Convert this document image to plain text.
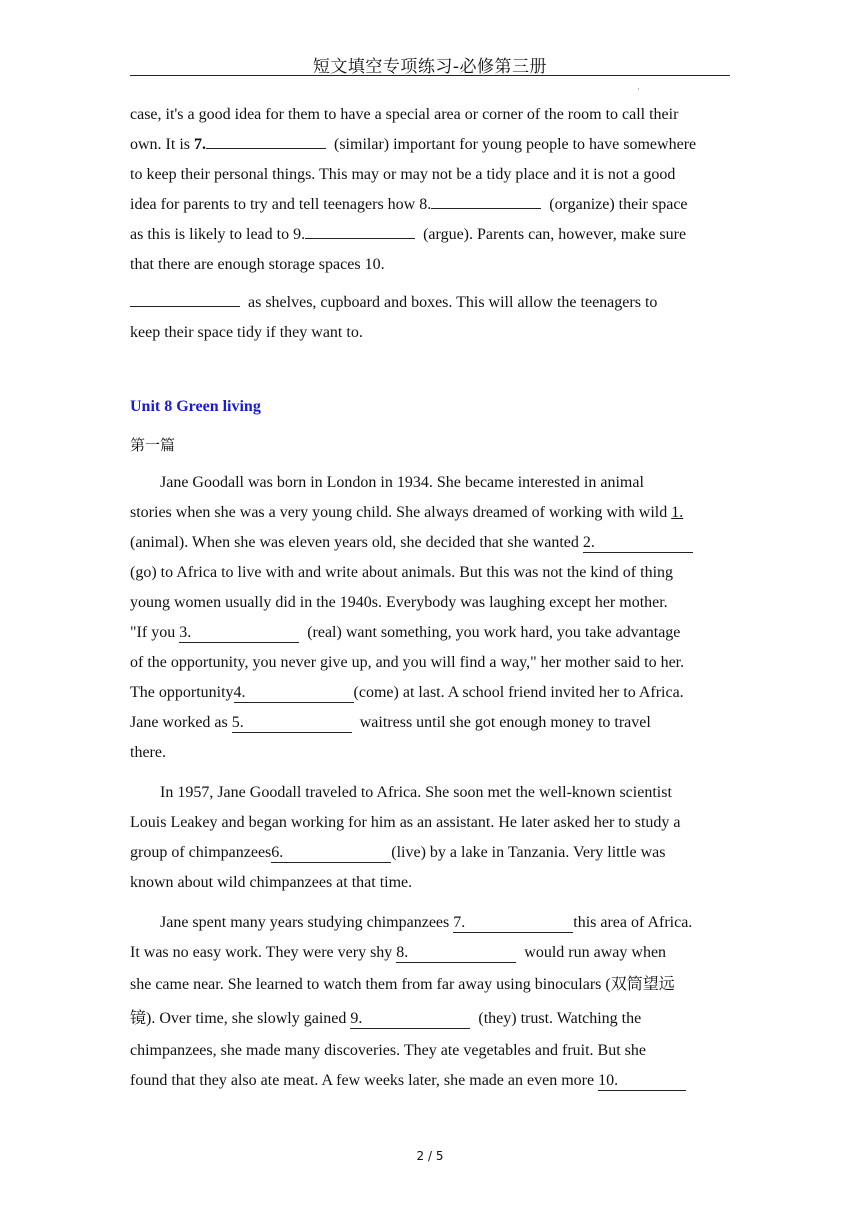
短文填空专项练习-必修第三册
·
case, it's a good idea for them to have a special area or corner of the room to call their
own. It is 7.	(similar) important for young people to have somewhere
to keep their personal things. This may or may not be a tidy place and it is not a good
idea for parents to try and tell teenagers how 8.	(organize) their space
as this is likely to lead to 9.	(argue). Parents can, however, make sure
that there are enough storage spaces 10.
as shelves, cupboard and boxes. This will allow the teenagers to
keep their space tidy if they want to.
Unit 8 Green living
第一篇
Jane Goodall was born in London in 1934. She became interested in animal
stories when she was a very young child. She always dreamed of working with wild 1.
(animal). When she was eleven years old, she decided that she wanted 2.
(go) to Africa to live with and write about animals. But this was not the kind of thing
young women usually did in the 1940s. Everybody was laughing except her mother.
"If you 3.	(real) want something, you work hard, you take advantage
of the opportunity, you never give up, and you will find a way," her mother said to her.
The opportunity4.	(come) at last. A school friend invited her to Africa.
Jane worked as 5.	waitress until she got enough money to travel
there.
In 1957, Jane Goodall traveled to Africa. She soon met the well-known scientist
Louis Leakey and began working for him as an assistant. He later asked her to study a
group of chimpanzees6.	(live) by a lake in Tanzania. Very little was
known about wild chimpanzees at that time.
Jane spent many years studying chimpanzees 7.	this area of Africa.
It was no easy work. They were very shy 8.	would run away when
she came near. She learned to watch them from far away using binoculars (双筒望远
镜). Over time, she slowly gained 9.	(they) trust. Watching the
chimpanzees, she made many discoveries. They ate vegetables and fruit. But she
found that they also ate meat. A few weeks later, she made an even more 10.
2 / 5
